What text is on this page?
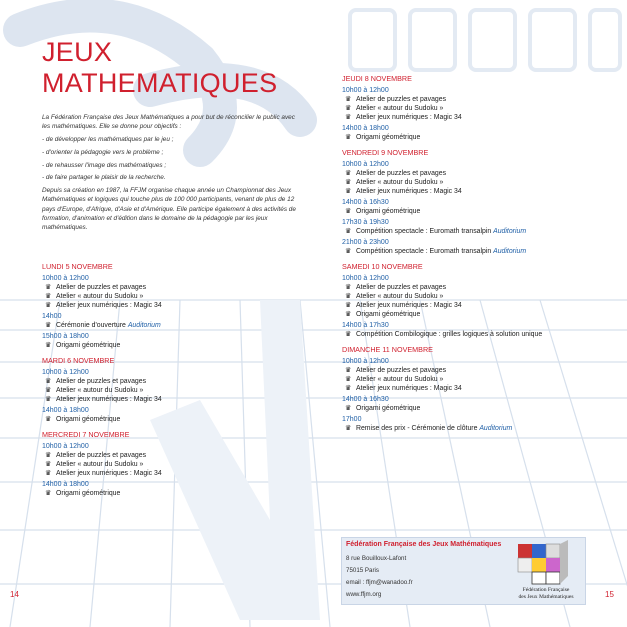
JEUX
MATHEMATIQUES

La Fédération Française des Jeux Mathématiques a pour but de réconcilier le public avec les mathématiques. Elle se donne pour objectifs :

- de développer les mathématiques par le jeu ;

- d'orienter la pédagogie vers le problème ;

- de rehausser l'image des mathématiques ;

- de faire partager le plaisir de la recherche.

Depuis sa création en 1987, la FFJM organise chaque année un Championnat des Jeux Mathématiques et logiques qui touche plus de 100 000 participants, venant de plus de 12 pays d'Europe, d'Afrique, d'Asie et d'Amérique. Elle participe également à des activités de formation, d'animation et d'édition dans le domaine de la pédagogie par les jeux mathématiques.

LUNDI 5 NOVEMBRE
10h00 à 12h00
♛ Atelier de puzzles et pavages
♛ Atelier « autour du Sudoku »
♛ Atelier jeux numériques : Magic 34
14h00
♛ Cérémonie d'ouverture Auditorium
15h00 à 18h00
♛ Origami géométrique
MARDI 6 NOVEMBRE
10h00 à 12h00
♛ Atelier de puzzles et pavages
♛ Atelier « autour du Sudoku »
♛ Atelier jeux numériques : Magic 34
14h00 à 18h00
♛ Origami géométrique
MERCREDI 7 NOVEMBRE
10h00 à 12h00
♛ Atelier de puzzles et pavages
♛ Atelier « autour du Sudoku »
♛ Atelier jeux numériques : Magic 34
14h00 à 18h00
♛ Origami géométrique
JEUDI 8 NOVEMBRE
10h00 à 12h00
♛ Atelier de puzzles et pavages
♛ Atelier « autour du Sudoku »
♛ Atelier jeux numériques : Magic 34
14h00 à 18h00
♛ Origami géométrique
VENDREDI 9 NOVEMBRE
10h00 à 12h00
♛ Atelier de puzzles et pavages
♛ Atelier « autour du Sudoku »
♛ Atelier jeux numériques : Magic 34
14h00 à 16h30
♛ Origami géométrique
17h30 à 19h30
♛ Compétition spectacle : Euromath transalpin Auditorium
21h00 à 23h00
♛ Compétition spectacle : Euromath transalpin Auditorium
SAMEDI 10 NOVEMBRE
10h00 à 12h00
♛ Atelier de puzzles et pavages
♛ Atelier « autour du Sudoku »
♛ Atelier jeux numériques : Magic 34
♛ Origami géométrique
14h00 à 17h30
♛ Compétition Combilogique : grilles logiques à solution unique
DIMANCHE 11 NOVEMBRE
10h00 à 12h00
♛ Atelier de puzzles et pavages
♛ Atelier « autour du Sudoku »
♛ Atelier jeux numériques : Magic 34
14h00 à 16h30
♛ Origami géométrique
17h00
♛ Remise des prix - Cérémonie de clôture Auditorium
Fédération Française des Jeux Mathématiques
8 rue Bouilloux-Lafont
75015 Paris
email : ffjm@wanadoo.fr
www.ffjm.org
Fédération Française
des Jeux Mathématiques
14	15
